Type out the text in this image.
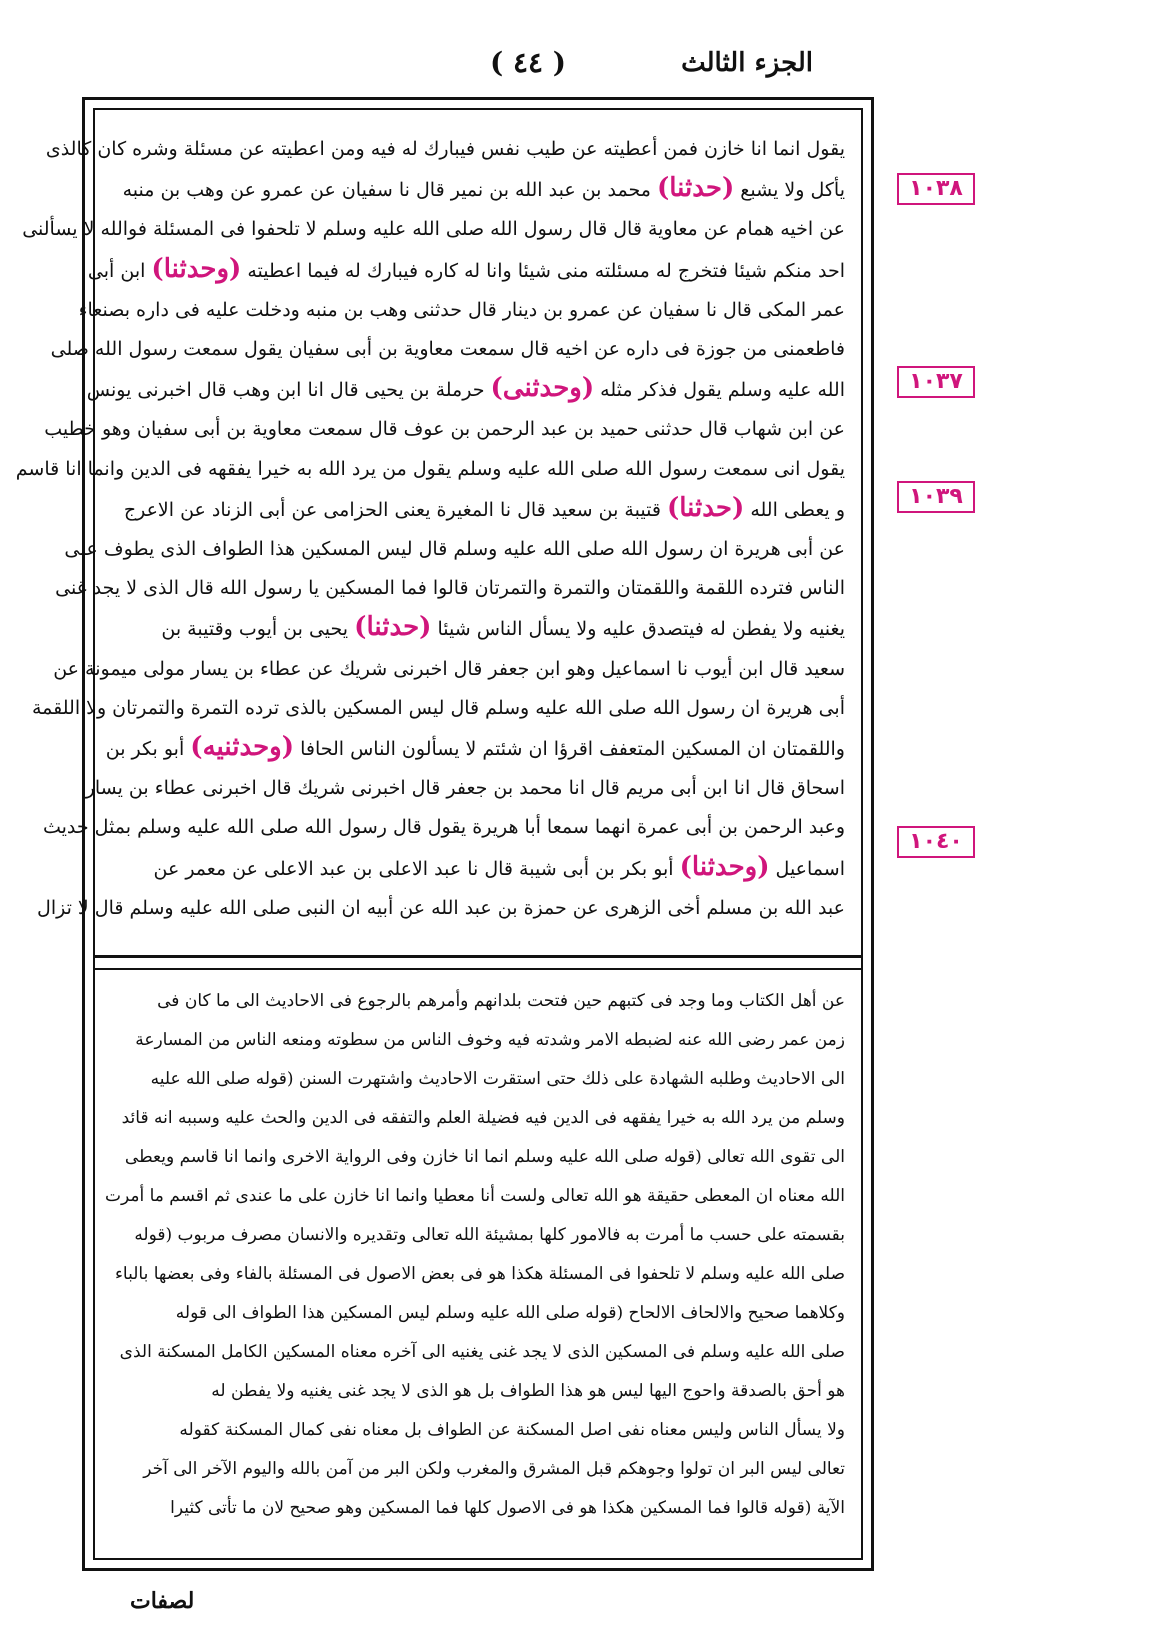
الجزء الثالث
( ٤٤ )
يقول انما انا خازن فمن أعطيته عن طيب نفس فيبارك له فيه ومن اعطيته عن مسئلة وشره كان كالذى
يأكل ولا يشبع (حدثنا) محمد بن عبد الله بن نمير قال نا سفيان عن عمرو عن وهب بن منبه
عن اخيه همام عن معاوية قال قال رسول الله صلى الله عليه وسلم لا تلحفوا فى المسئلة فوالله لا يسألنى
احد منكم شيئا فتخرج له مسئلته منى شيئا وانا له كاره فيبارك له فيما اعطيته (وحدثنا) ابن أبى
عمر المكى قال نا سفيان عن عمرو بن دينار قال حدثنى وهب بن منبه ودخلت عليه فى داره بصنعاء
فاطعمنى من جوزة فى داره عن اخيه قال سمعت معاوية بن أبى سفيان يقول سمعت رسول الله صلى
الله عليه وسلم يقول فذكر مثله (وحدثنى) حرملة بن يحيى قال انا ابن وهب قال اخبرنى يونس
عن ابن شهاب قال حدثنى حميد بن عبد الرحمن بن عوف قال سمعت معاوية بن أبى سفيان وهو خطيب
يقول انى سمعت رسول الله صلى الله عليه وسلم يقول من يرد الله به خيرا يفقهه فى الدين وانما انا قاسم
و يعطى الله (حدثنا) قتيبة بن سعيد قال نا المغيرة يعنى الحزامى عن أبى الزناد عن الاعرج
عن أبى هريرة ان رسول الله صلى الله عليه وسلم قال ليس المسكين هذا الطواف الذى يطوف على
الناس فترده اللقمة واللقمتان والتمرة والتمرتان قالوا فما المسكين يا رسول الله قال الذى لا يجد غنى
يغنيه ولا يفطن له فيتصدق عليه ولا يسأل الناس شيئا (حدثنا) يحيى بن أيوب وقتيبة بن
سعيد قال ابن أيوب نا اسماعيل وهو ابن جعفر قال اخبرنى شريك عن عطاء بن يسار مولى ميمونة عن
أبى هريرة ان رسول الله صلى الله عليه وسلم قال ليس المسكين بالذى ترده التمرة والتمرتان ولا اللقمة
واللقمتان ان المسكين المتعفف اقرؤا ان شئتم لا يسألون الناس الحافا (وحدثنيه) أبو بكر بن
اسحاق قال انا ابن أبى مريم قال انا محمد بن جعفر قال اخبرنى شريك قال اخبرنى عطاء بن يسار
وعبد الرحمن بن أبى عمرة انهما سمعا أبا هريرة يقول قال رسول الله صلى الله عليه وسلم بمثل حديث
اسماعيل (وحدثنا) أبو بكر بن أبى شيبة قال نا عبد الاعلى بن عبد الاعلى عن معمر عن
عبد الله بن مسلم أخى الزهرى عن حمزة بن عبد الله عن أبيه ان النبى صلى الله عليه وسلم قال لا تزال
عن أهل الكتاب وما وجد فى كتبهم حين فتحت بلدانهم وأمرهم بالرجوع فى الاحاديث الى ما كان فى
زمن عمر رضى الله عنه لضبطه الامر وشدته فيه وخوف الناس من سطوته ومنعه الناس من المسارعة
الى الاحاديث وطلبه الشهادة على ذلك حتى استقرت الاحاديث واشتهرت السنن (قوله صلى الله عليه
وسلم من يرد الله به خيرا يفقهه فى الدين فيه فضيلة العلم والتفقه فى الدين والحث عليه وسببه انه قائد
الى تقوى الله تعالى (قوله صلى الله عليه وسلم انما انا خازن وفى الرواية الاخرى وانما انا قاسم ويعطى
الله معناه ان المعطى حقيقة هو الله تعالى ولست أنا معطيا وانما انا خازن على ما عندى ثم اقسم ما أمرت
بقسمته على حسب ما أمرت به فالامور كلها بمشيئة الله تعالى وتقديره والانسان مصرف مربوب (قوله
صلى الله عليه وسلم لا تلحفوا فى المسئلة هكذا هو فى بعض الاصول فى المسئلة بالفاء وفى بعضها بالباء
وكلاهما صحيح والالحاف الالحاح (قوله صلى الله عليه وسلم ليس المسكين هذا الطواف الى قوله
صلى الله عليه وسلم فى المسكين الذى لا يجد غنى يغنيه الى آخره معناه المسكين الكامل المسكنة الذى
هو أحق بالصدقة واحوج اليها ليس هو هذا الطواف بل هو الذى لا يجد غنى يغنيه ولا يفطن له
ولا يسأل الناس وليس معناه نفى اصل المسكنة عن الطواف بل معناه نفى كمال المسكنة كقوله
تعالى ليس البر ان تولوا وجوهكم قبل المشرق والمغرب ولكن البر من آمن بالله واليوم الآخر الى آخر
الآية (قوله قالوا فما المسكين هكذا هو فى الاصول كلها فما المسكين وهو صحيح لان ما تأتى كثيرا
١٠٣٨
١٠٣٧
١٠٣٩
١٠٤٠
لصفات
